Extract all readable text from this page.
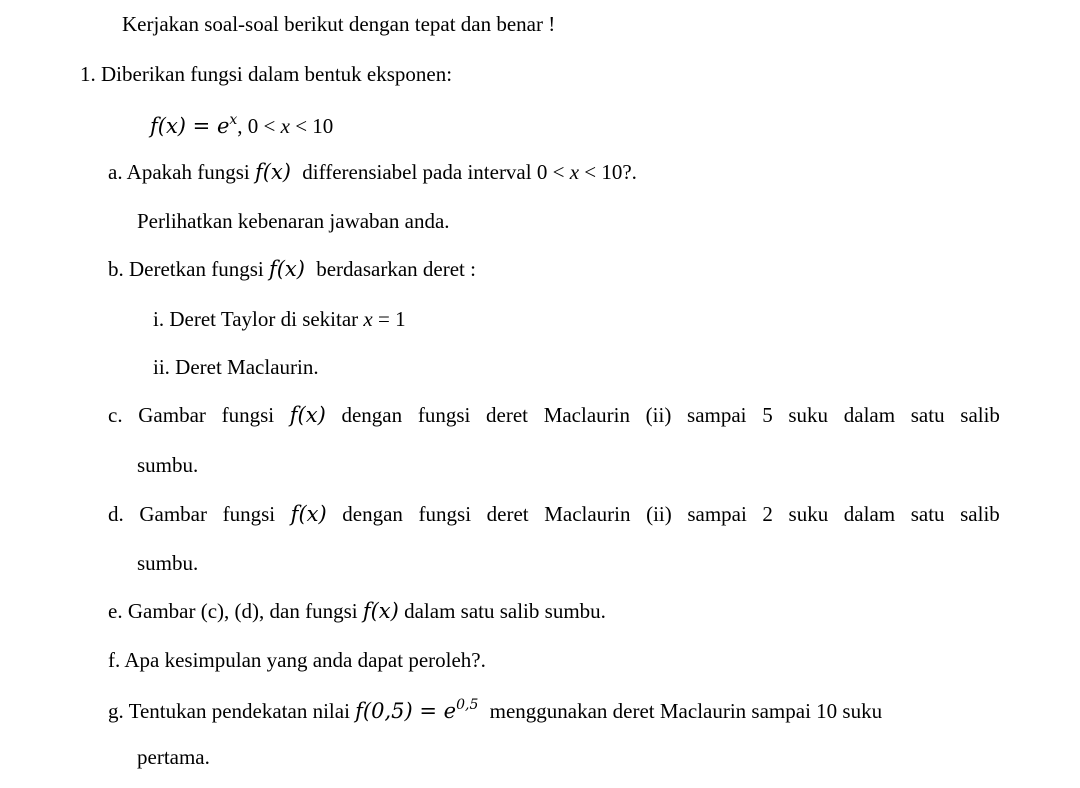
Kerjakan soal-soal berikut dengan tepat dan benar !
1. Diberikan fungsi dalam bentuk eksponen:
$f(x) = e^x$, 0 < x < 10
a. Apakah fungsi f(x) differensiabel pada interval 0 < x < 10?.
Perlihatkan kebenaran jawaban anda.
b. Deretkan fungsi f(x) berdasarkan deret :
i. Deret Taylor di sekitar x = 1
ii. Deret Maclaurin.
c. Gambar fungsi f(x) dengan fungsi deret Maclaurin (ii) sampai 5 suku dalam satu salib
sumbu.
d. Gambar fungsi f(x) dengan fungsi deret Maclaurin (ii) sampai 2 suku dalam satu salib
sumbu.
e. Gambar (c), (d), dan fungsi f(x) dalam satu salib sumbu.
f. Apa kesimpulan yang anda dapat peroleh?.
g. Tentukan pendekatan nilai $f(0,5) = e^{0,5}$ menggunakan deret Maclaurin sampai 10 suku
pertama.
